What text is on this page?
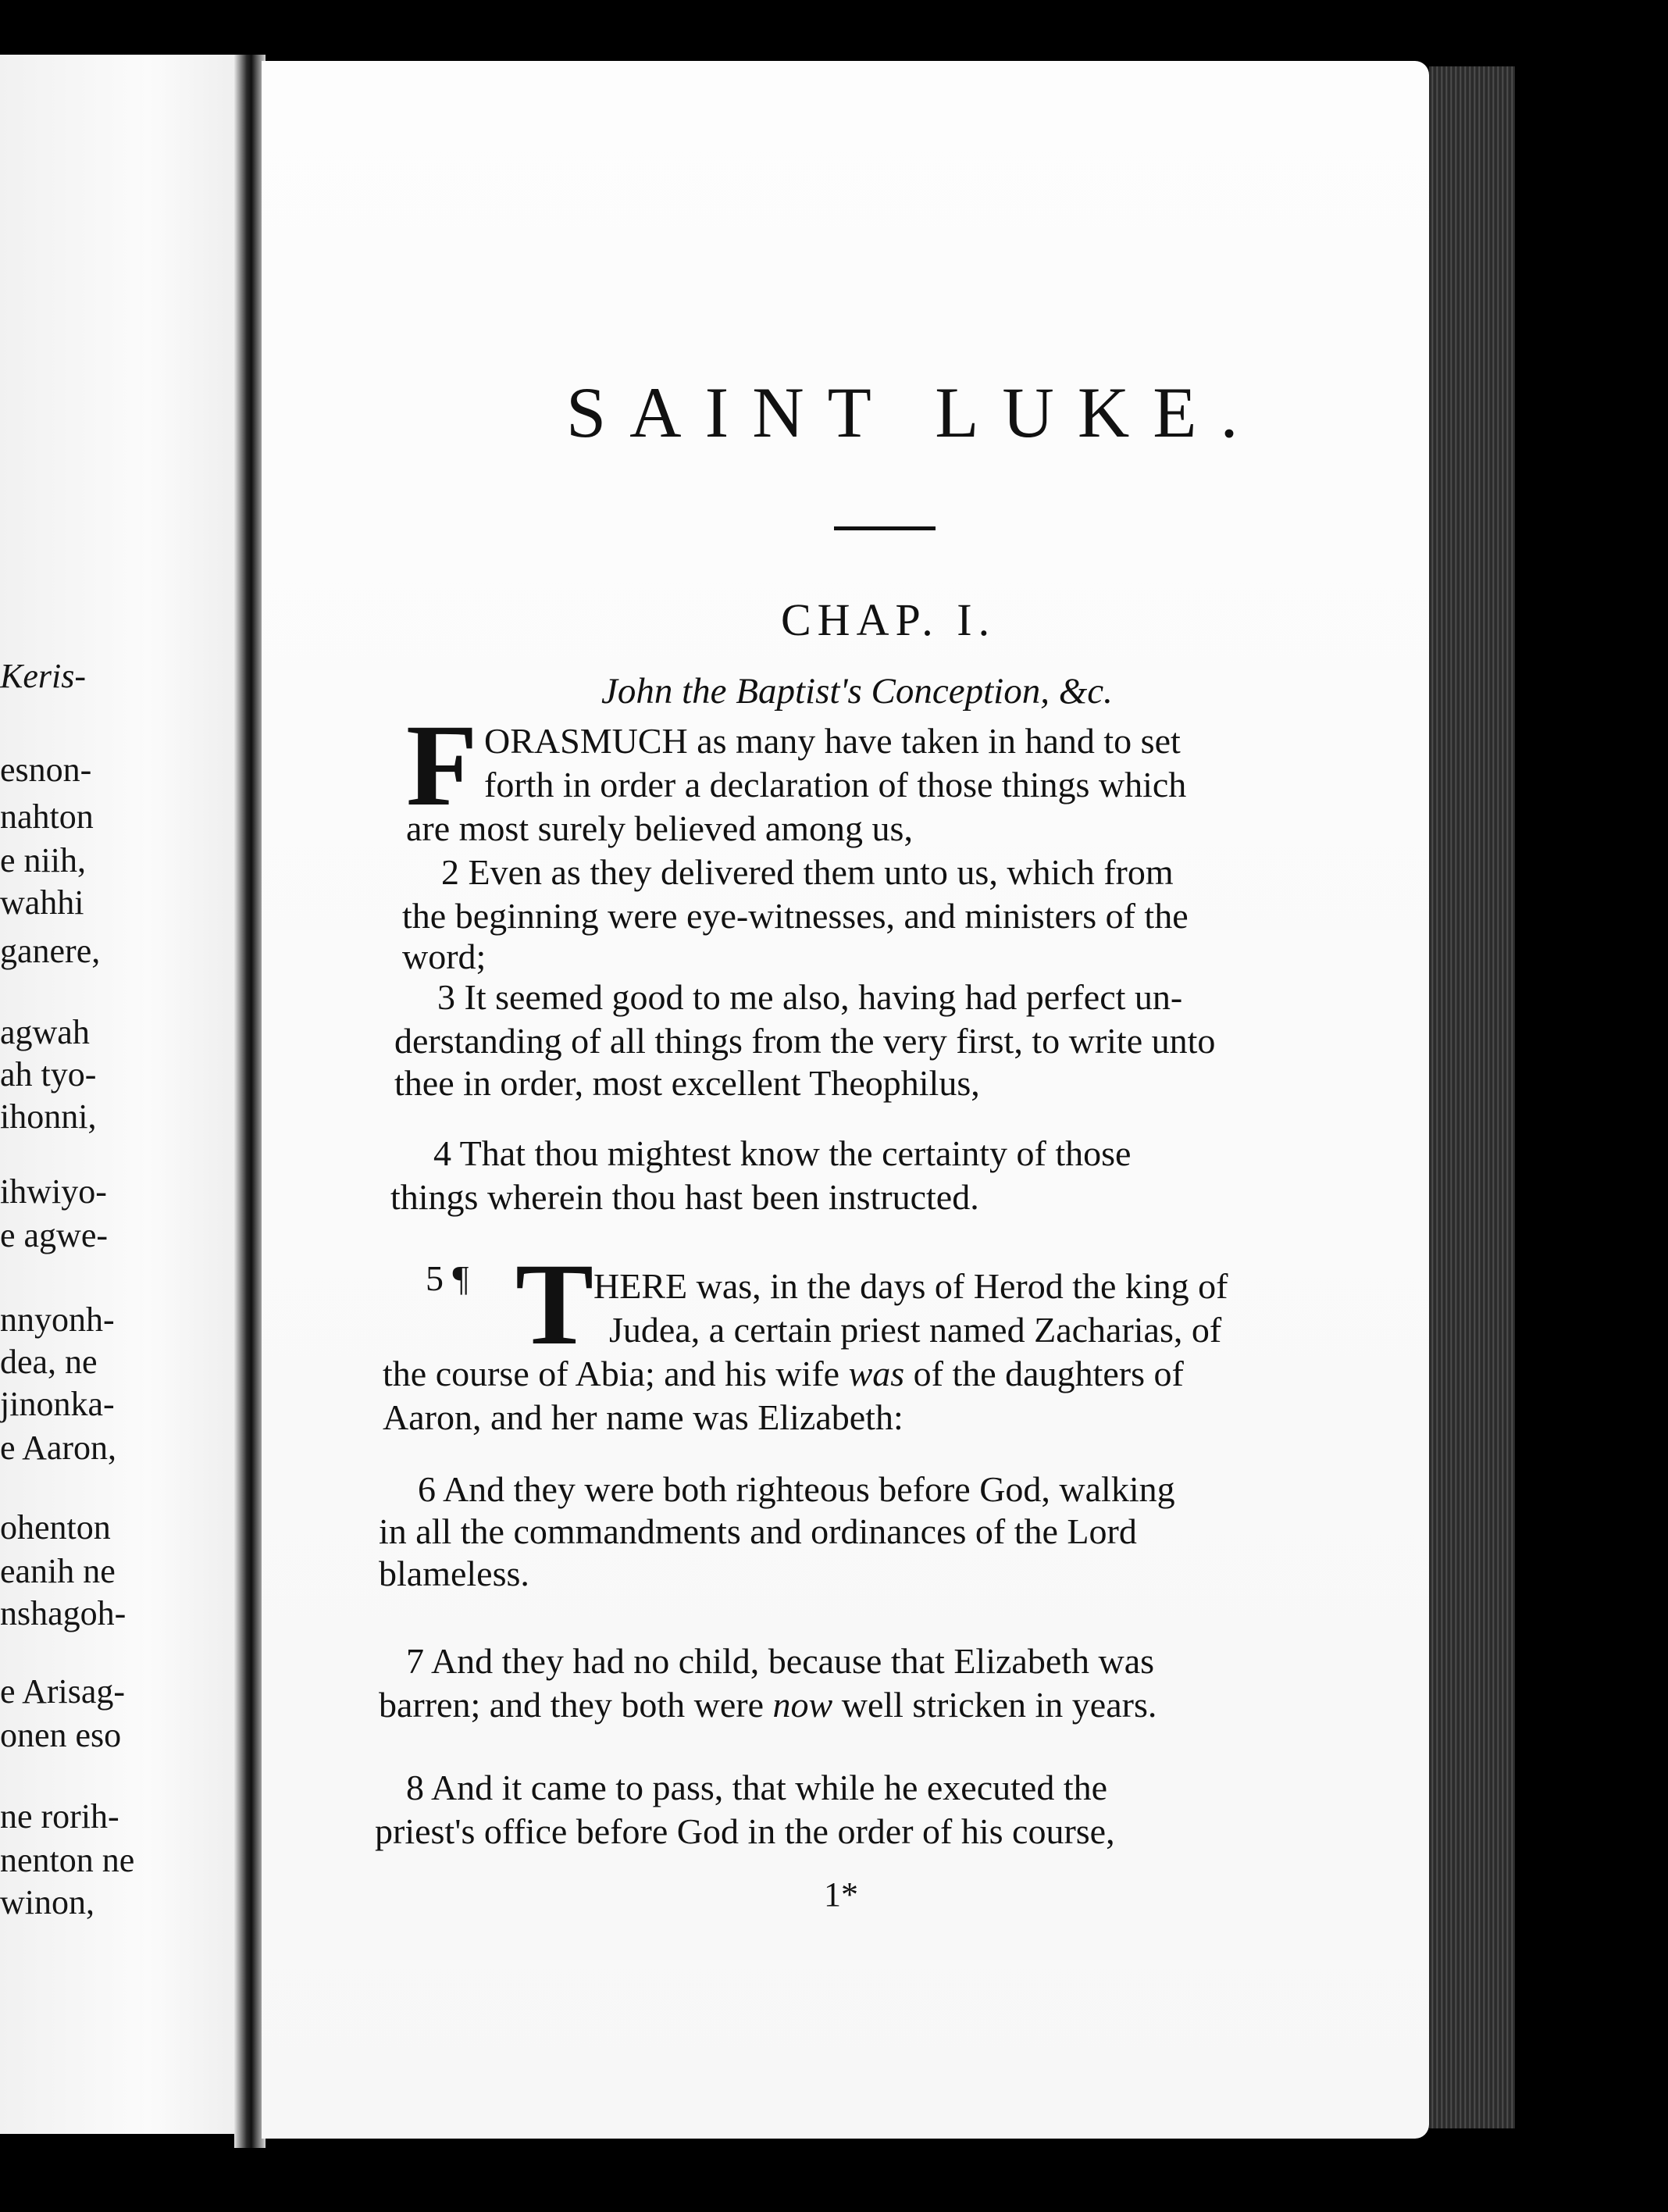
Keris-
esnon-
nahton
e niih,
wahhi
ganere,
agwah
ah tyo-
ihonni,
ihwiyo-
e agwe-
nnyonh-
dea, ne
jinonka-
e Aaron,
ohenton
eanih ne
nshagoh-
e Arisag-
onen eso
ne rorih-
nenton ne
winon,
SAINT LUKE.
CHAP. I.
John the Baptist's Conception, &c.
F ORASMUCH as many have taken in hand to set
forth in order a declaration of those things which
are most surely believed among us,
2 Even as they delivered them unto us, which from
the beginning were eye-witnesses, and ministers of the
word;
3 It seemed good to me also, having had perfect un-
derstanding of all things from the very first, to write unto
thee in order, most excellent Theophilus,
4 That thou mightest know the certainty of those
things wherein thou hast been instructed.
5 ¶ T HERE was, in the days of Herod the king of
Judea, a certain priest named Zacharias, of
the course of Abia; and his wife was of the daughters of
Aaron, and her name was Elizabeth:
6 And they were both righteous before God, walking
in all the commandments and ordinances of the Lord
blameless.
7 And they had no child, because that Elizabeth was
barren; and they both were now well stricken in years.
8 And it came to pass, that while he executed the
priest's office before God in the order of his course,
1*
